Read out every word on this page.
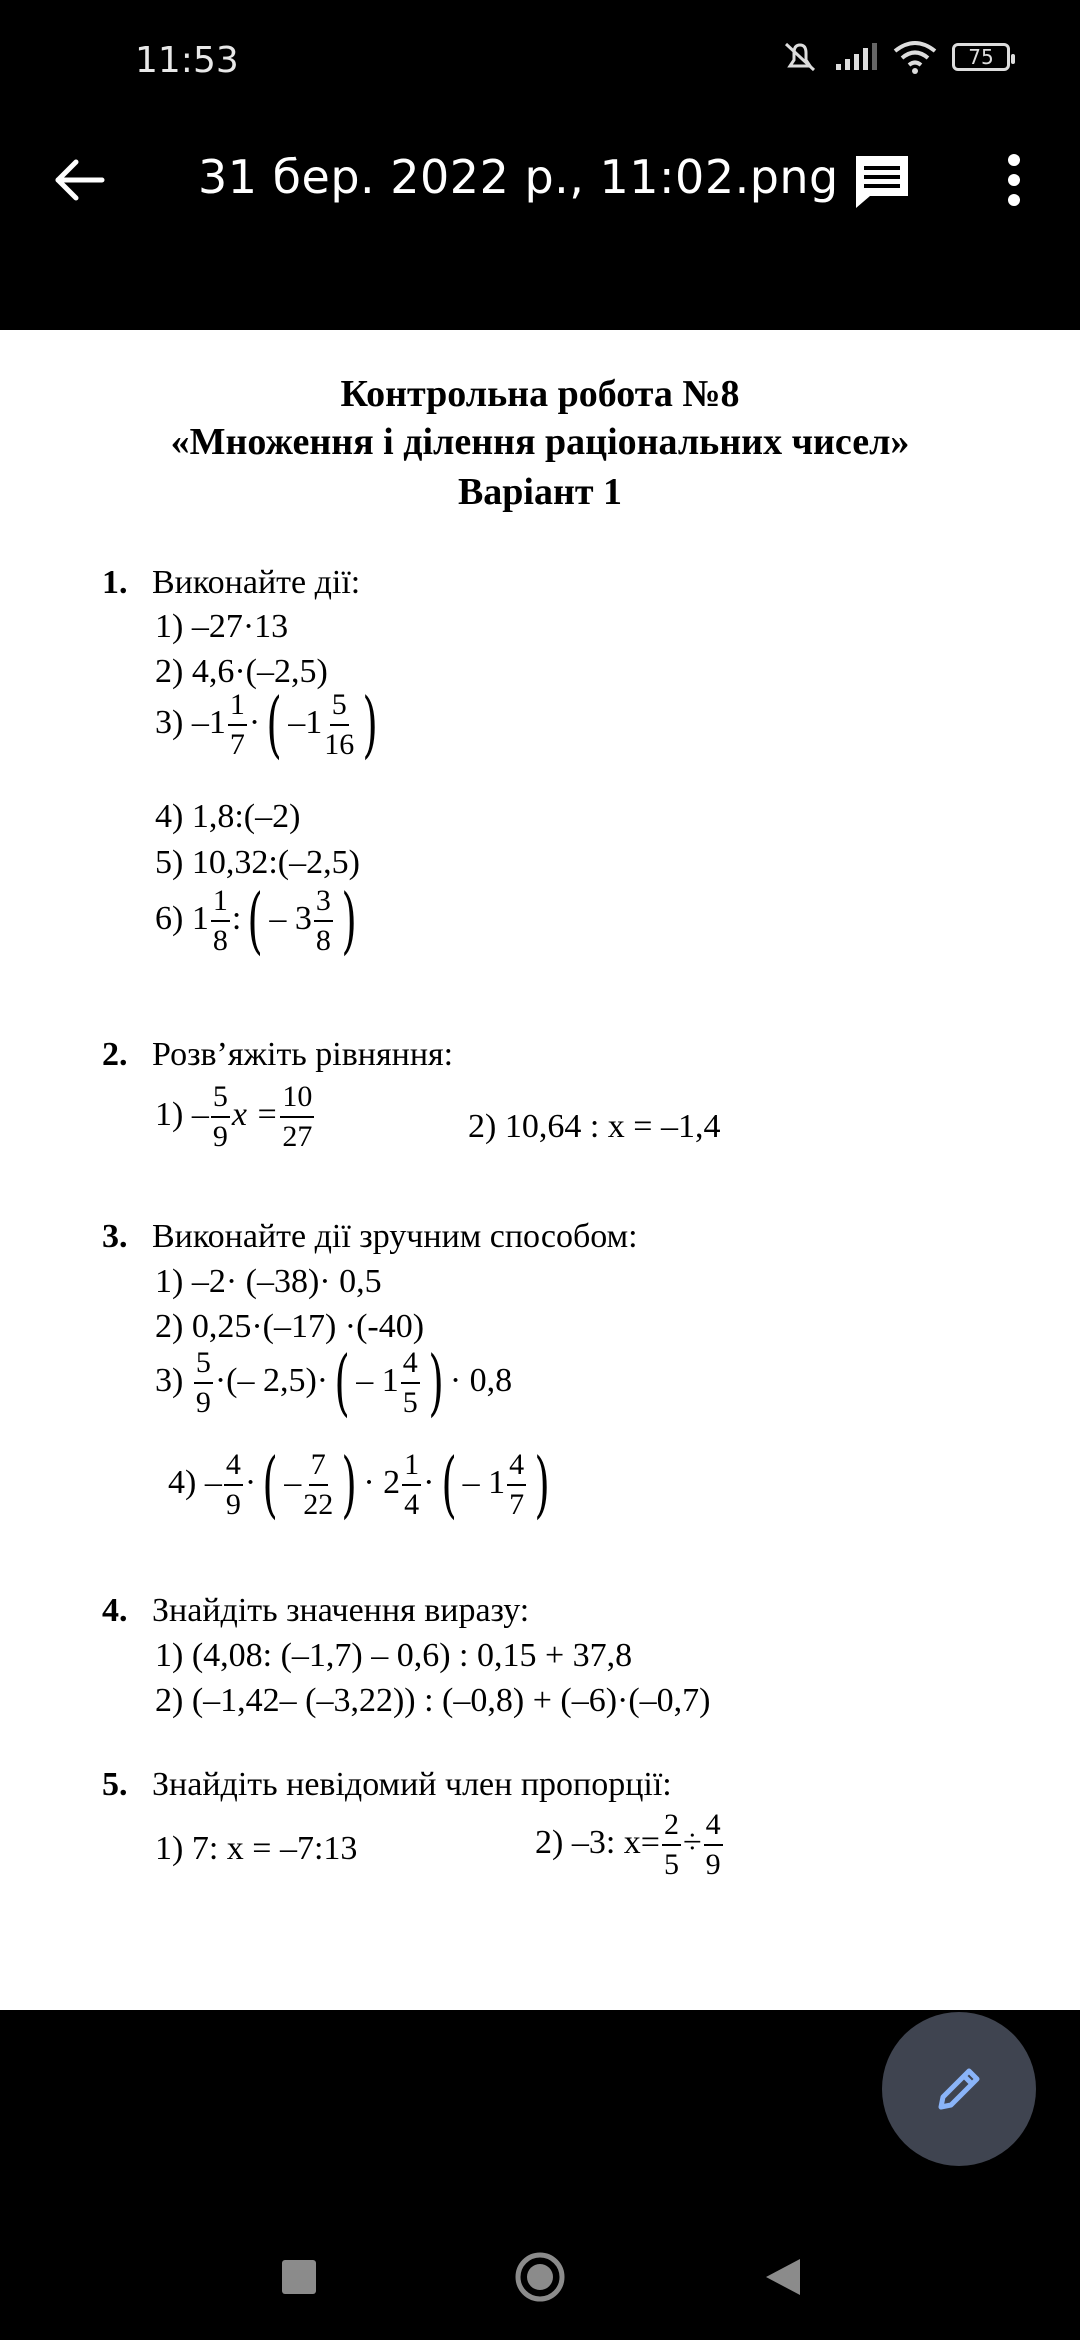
11:53	75
31 бер. 2022 р., 11:02.png
Контрольна робота №8
«Множення і ділення раціональних чисел»
Варіант 1
1. Виконайте дії:
1) –27·13
2) 4,6·(–2,5)
3) $-1 \frac{1}{7}$ ·( $-1 \frac{5}{16}$ )
4) 1,8:(–2)
5) 10,32:(–2,5)
6) $1 \frac{1}{8}$ :( – $3 \frac{3}{8}$ )
2. Розв’яжіть рівняння:
$1) - \frac{5}{9}$ $x = \frac{10}{27}$	2) 10,64 : x = –1,4
3. Виконайте дії зручним способом:
1) –2· (–38)· 0,5
2) 0,25·(–17) ·(-40)
$3) \frac{5}{9}$ ·(– $2,5)\cdot( - 1 \frac{4}{5}$ ) · 0,8
$4) - \frac{4}{9}$ ·( – $\frac{7}{22}$ ) · $2 \frac{1}{4}$ ·( – $1 \frac{4}{7}$ )
4. Знайдіть значення виразу:
1) (4,08: (–1,7) – 0,6) : 0,15 + 37,8
2) (–1,42– (–3,22)) : (–0,8) + (–6)·(–0,7)
5. Знайдіть невідомий член пропорції:
1) 7: x = –7:13	2) –3: $x= \frac{2}{5} \div \frac{4}{9}$
